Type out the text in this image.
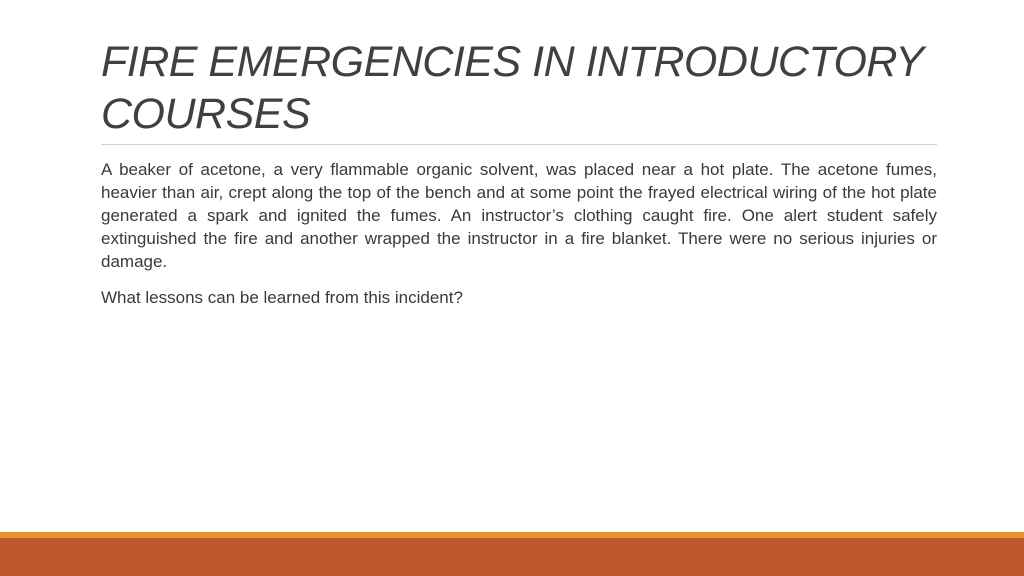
FIRE EMERGENCIES IN INTRODUCTORY COURSES

A beaker of acetone, a very flammable organic solvent, was placed near a hot plate. The acetone fumes, heavier than air, crept along the top of the bench and at some point the frayed electrical wiring of the hot plate generated a spark and ignited the fumes. An instructor’s clothing caught fire. One alert student safely extinguished the fire and another wrapped the instructor in a fire blanket. There were no serious injuries or damage.

What lessons can be learned from this incident?
